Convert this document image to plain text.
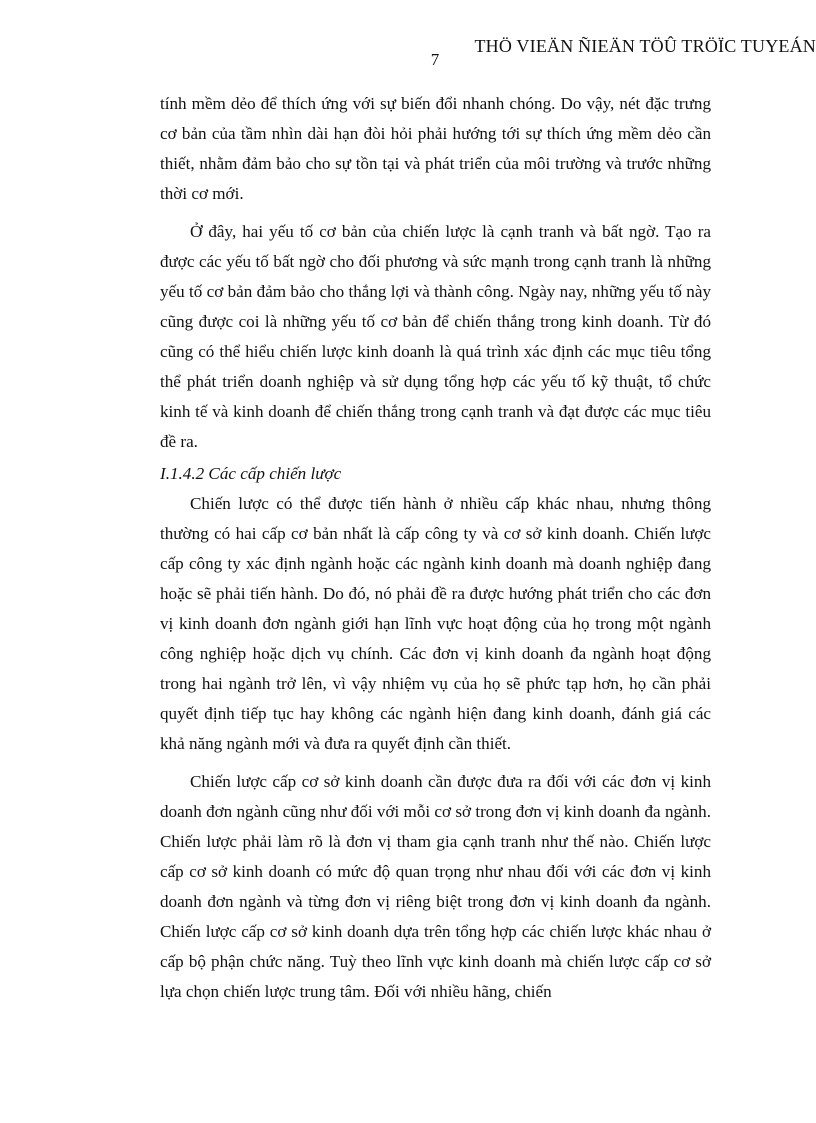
THÖ VIEÄN ÑIEÄN TÖÛ TRÖÏC TUYEÁN
7

tính mềm dẻo để thích ứng với sự biến đổi nhanh chóng. Do vậy, nét đặc trưng cơ bản của tầm nhìn dài hạn đòi hỏi phải hướng tới sự thích ứng mềm dẻo cần thiết, nhằm đảm bảo cho sự tồn tại và phát triển của môi trường và trước những thời cơ mới.

Ở đây, hai yếu tố cơ bản của chiến lược là cạnh tranh và bất ngờ. Tạo ra được các yếu tố bất ngờ cho đối phương và sức mạnh trong cạnh tranh là những yếu tố cơ bản đảm bảo cho thắng lợi và thành công. Ngày nay, những yếu tố này cũng được coi là những yếu tố cơ bản để chiến thắng trong kinh doanh. Từ đó cũng có thể hiểu chiến lược kinh doanh là quá trình xác định các mục tiêu tổng thể phát triển doanh nghiệp và sử dụng tổng hợp các yếu tố kỹ thuật, tổ chức kinh tế và kinh doanh để chiến thắng trong cạnh tranh và đạt được các mục tiêu đề ra.

I.1.4.2 Các cấp chiến lược

Chiến lược có thể được tiến hành ở nhiều cấp khác nhau, nhưng thông thường có hai cấp cơ bản nhất là cấp công ty và cơ sở kinh doanh. Chiến lược cấp công ty xác định ngành hoặc các ngành kinh doanh mà doanh nghiệp đang hoặc sẽ phải tiến hành. Do đó, nó phải đề ra được hướng phát triển cho các đơn vị kinh doanh đơn ngành giới hạn lĩnh vực hoạt động của họ trong một ngành công nghiệp hoặc dịch vụ chính. Các đơn vị kinh doanh đa ngành hoạt động trong hai ngành trở lên, vì vậy nhiệm vụ của họ sẽ phức tạp hơn, họ cần phải quyết định tiếp tục hay không các ngành hiện đang kinh doanh, đánh giá các khả năng ngành mới và đưa ra quyết định cần thiết.

Chiến lược cấp cơ sở kinh doanh cần được đưa ra đối với các đơn vị kinh doanh đơn ngành cũng như đối với mỗi cơ sở trong đơn vị kinh doanh đa ngành. Chiến lược phải làm rõ là đơn vị tham gia cạnh tranh như thế nào. Chiến lược cấp cơ sở kinh doanh có mức độ quan trọng như nhau đối với các đơn vị kinh doanh đơn ngành và từng đơn vị riêng biệt trong đơn vị kinh doanh đa ngành. Chiến lược cấp cơ sở kinh doanh dựa trên tổng hợp các chiến lược khác nhau ở cấp bộ phận chức năng. Tuỳ theo lĩnh vực kinh doanh mà chiến lược cấp cơ sở lựa chọn chiến lược trung tâm. Đối với nhiều hãng, chiến
